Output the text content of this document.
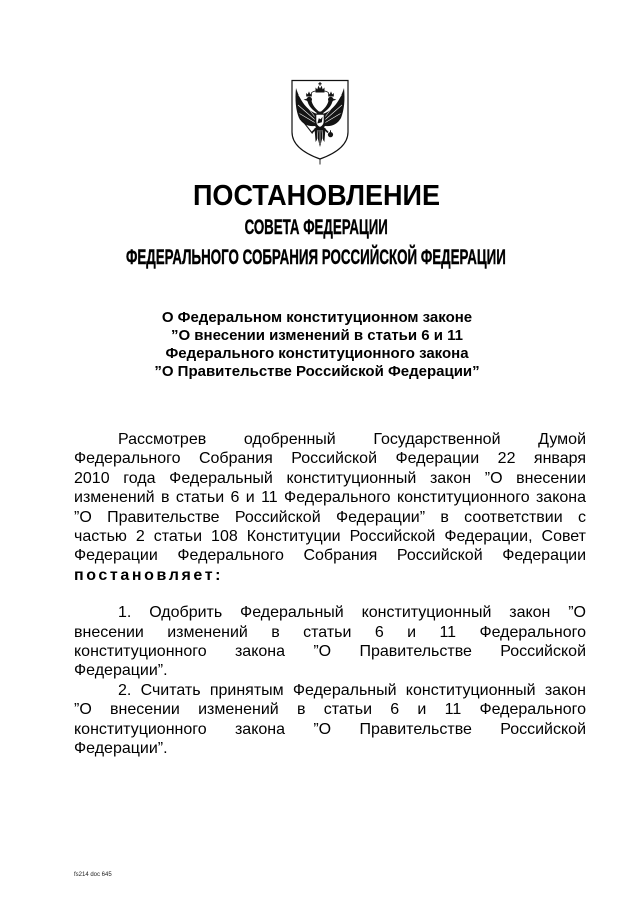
ПОСТАНОВЛЕНИЕ
СОВЕТА ФЕДЕРАЦИИ
ФЕДЕРАЛЬНОГО СОБРАНИЯ РОССИЙСКОЙ ФЕДЕРАЦИИ
О Федеральном конституционном законе
”О внесении изменений в статьи 6 и 11
Федерального конституционного закона
”О Правительстве Российской Федерации”
Рассмотрев одобренный Государственной Думой
Федерального Собрания Российской Федерации 22 января
2010 года Федеральный конституционный закон ”О внесении
изменений в статьи 6 и 11 Федерального конституционного закона
”О Правительстве Российской Федерации” в соответствии с
частью 2 статьи 108 Конституции Российской Федерации, Совет
Федерации Федерального Собрания Российской Федерации
постановляет:
1. Одобрить Федеральный конституционный закон ”О
внесении изменений в статьи 6 и 11 Федерального
конституционного закона ”О Правительстве Российской
Федерации”.
2. Считать принятым Федеральный конституционный закон
”О внесении изменений в статьи 6 и 11 Федерального
конституционного закона ”О Правительстве Российской
Федерации”.
fs214 doc 645
